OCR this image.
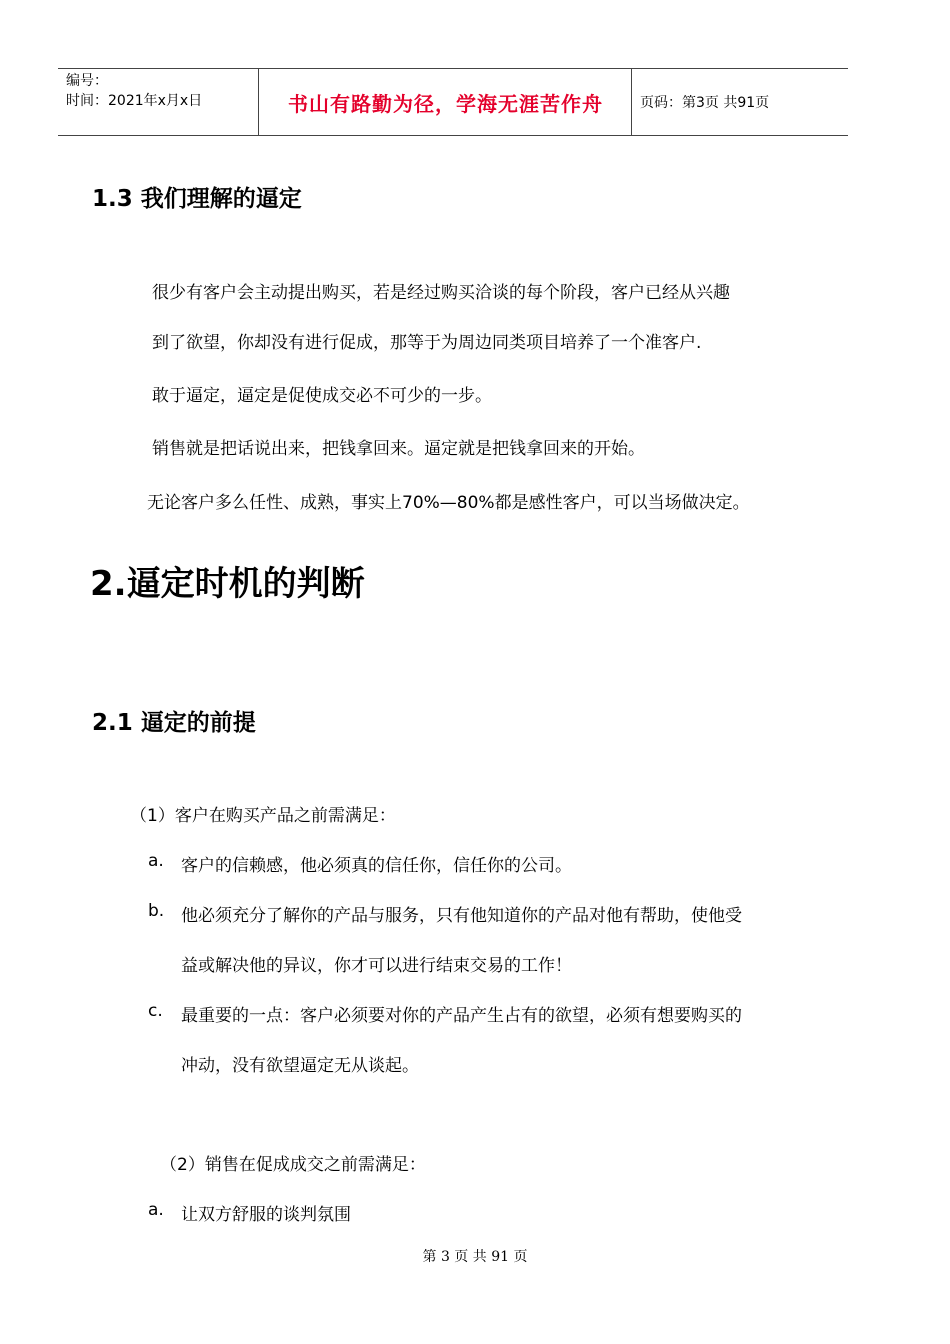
编号：
时间：2021年x月x日	书山有路勤为径，学海无涯苦作舟	页码：第3页 共91页
1.3 我们理解的逼定
很少有客户会主动提出购买，若是经过购买洽谈的每个阶段，客户已经从兴趣
到了欲望，你却没有进行促成，那等于为周边同类项目培养了一个准客户.
敢于逼定，逼定是促使成交必不可少的一步。
销售就是把话说出来，把钱拿回来。逼定就是把钱拿回来的开始。
无论客户多么任性、成熟，事实上70%—80%都是感性客户，可以当场做决定。
2.逼定时机的判断
2.1 逼定的前提
（1）客户在购买产品之前需满足：
a. 客户的信赖感，他必须真的信任你，信任你的公司。
b. 他必须充分了解你的产品与服务，只有他知道你的产品对他有帮助，使他受
益或解决他的异议，你才可以进行结束交易的工作！
c. 最重要的一点：客户必须要对你的产品产生占有的欲望，必须有想要购买的
冲动，没有欲望逼定无从谈起。
（2）销售在促成成交之前需满足：
a. 让双方舒服的谈判氛围
第 3 页 共 91 页
